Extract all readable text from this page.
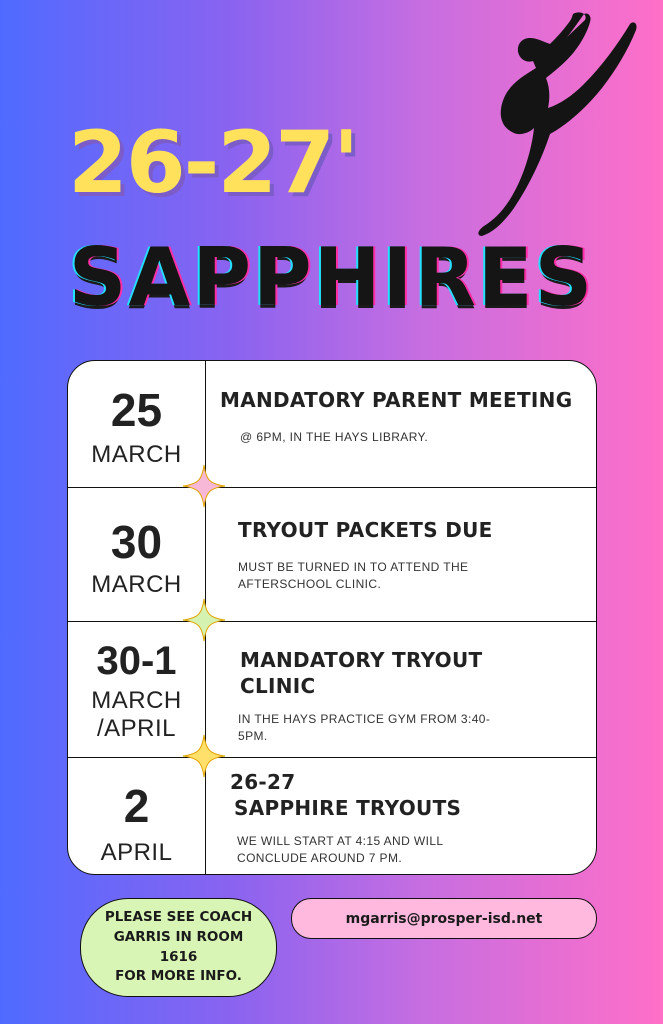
26-27'
SAPPHIRES
25
MARCH
MANDATORY PARENT MEETING
@ 6PM, IN THE HAYS LIBRARY.
30
MARCH
TRYOUT PACKETS DUE
MUST BE TURNED IN TO ATTEND THE
AFTERSCHOOL CLINIC.
30-1
MARCH
/APRIL
MANDATORY TRYOUT
CLINIC
IN THE HAYS PRACTICE GYM FROM 3:40-
5PM.
2
APRIL
26-27
SAPPHIRE TRYOUTS
WE WILL START AT 4:15 AND WILL
CONCLUDE AROUND 7 PM.
PLEASE SEE COACH
GARRIS IN ROOM 1616
FOR MORE INFO.
mgarris@prosper-isd.net
